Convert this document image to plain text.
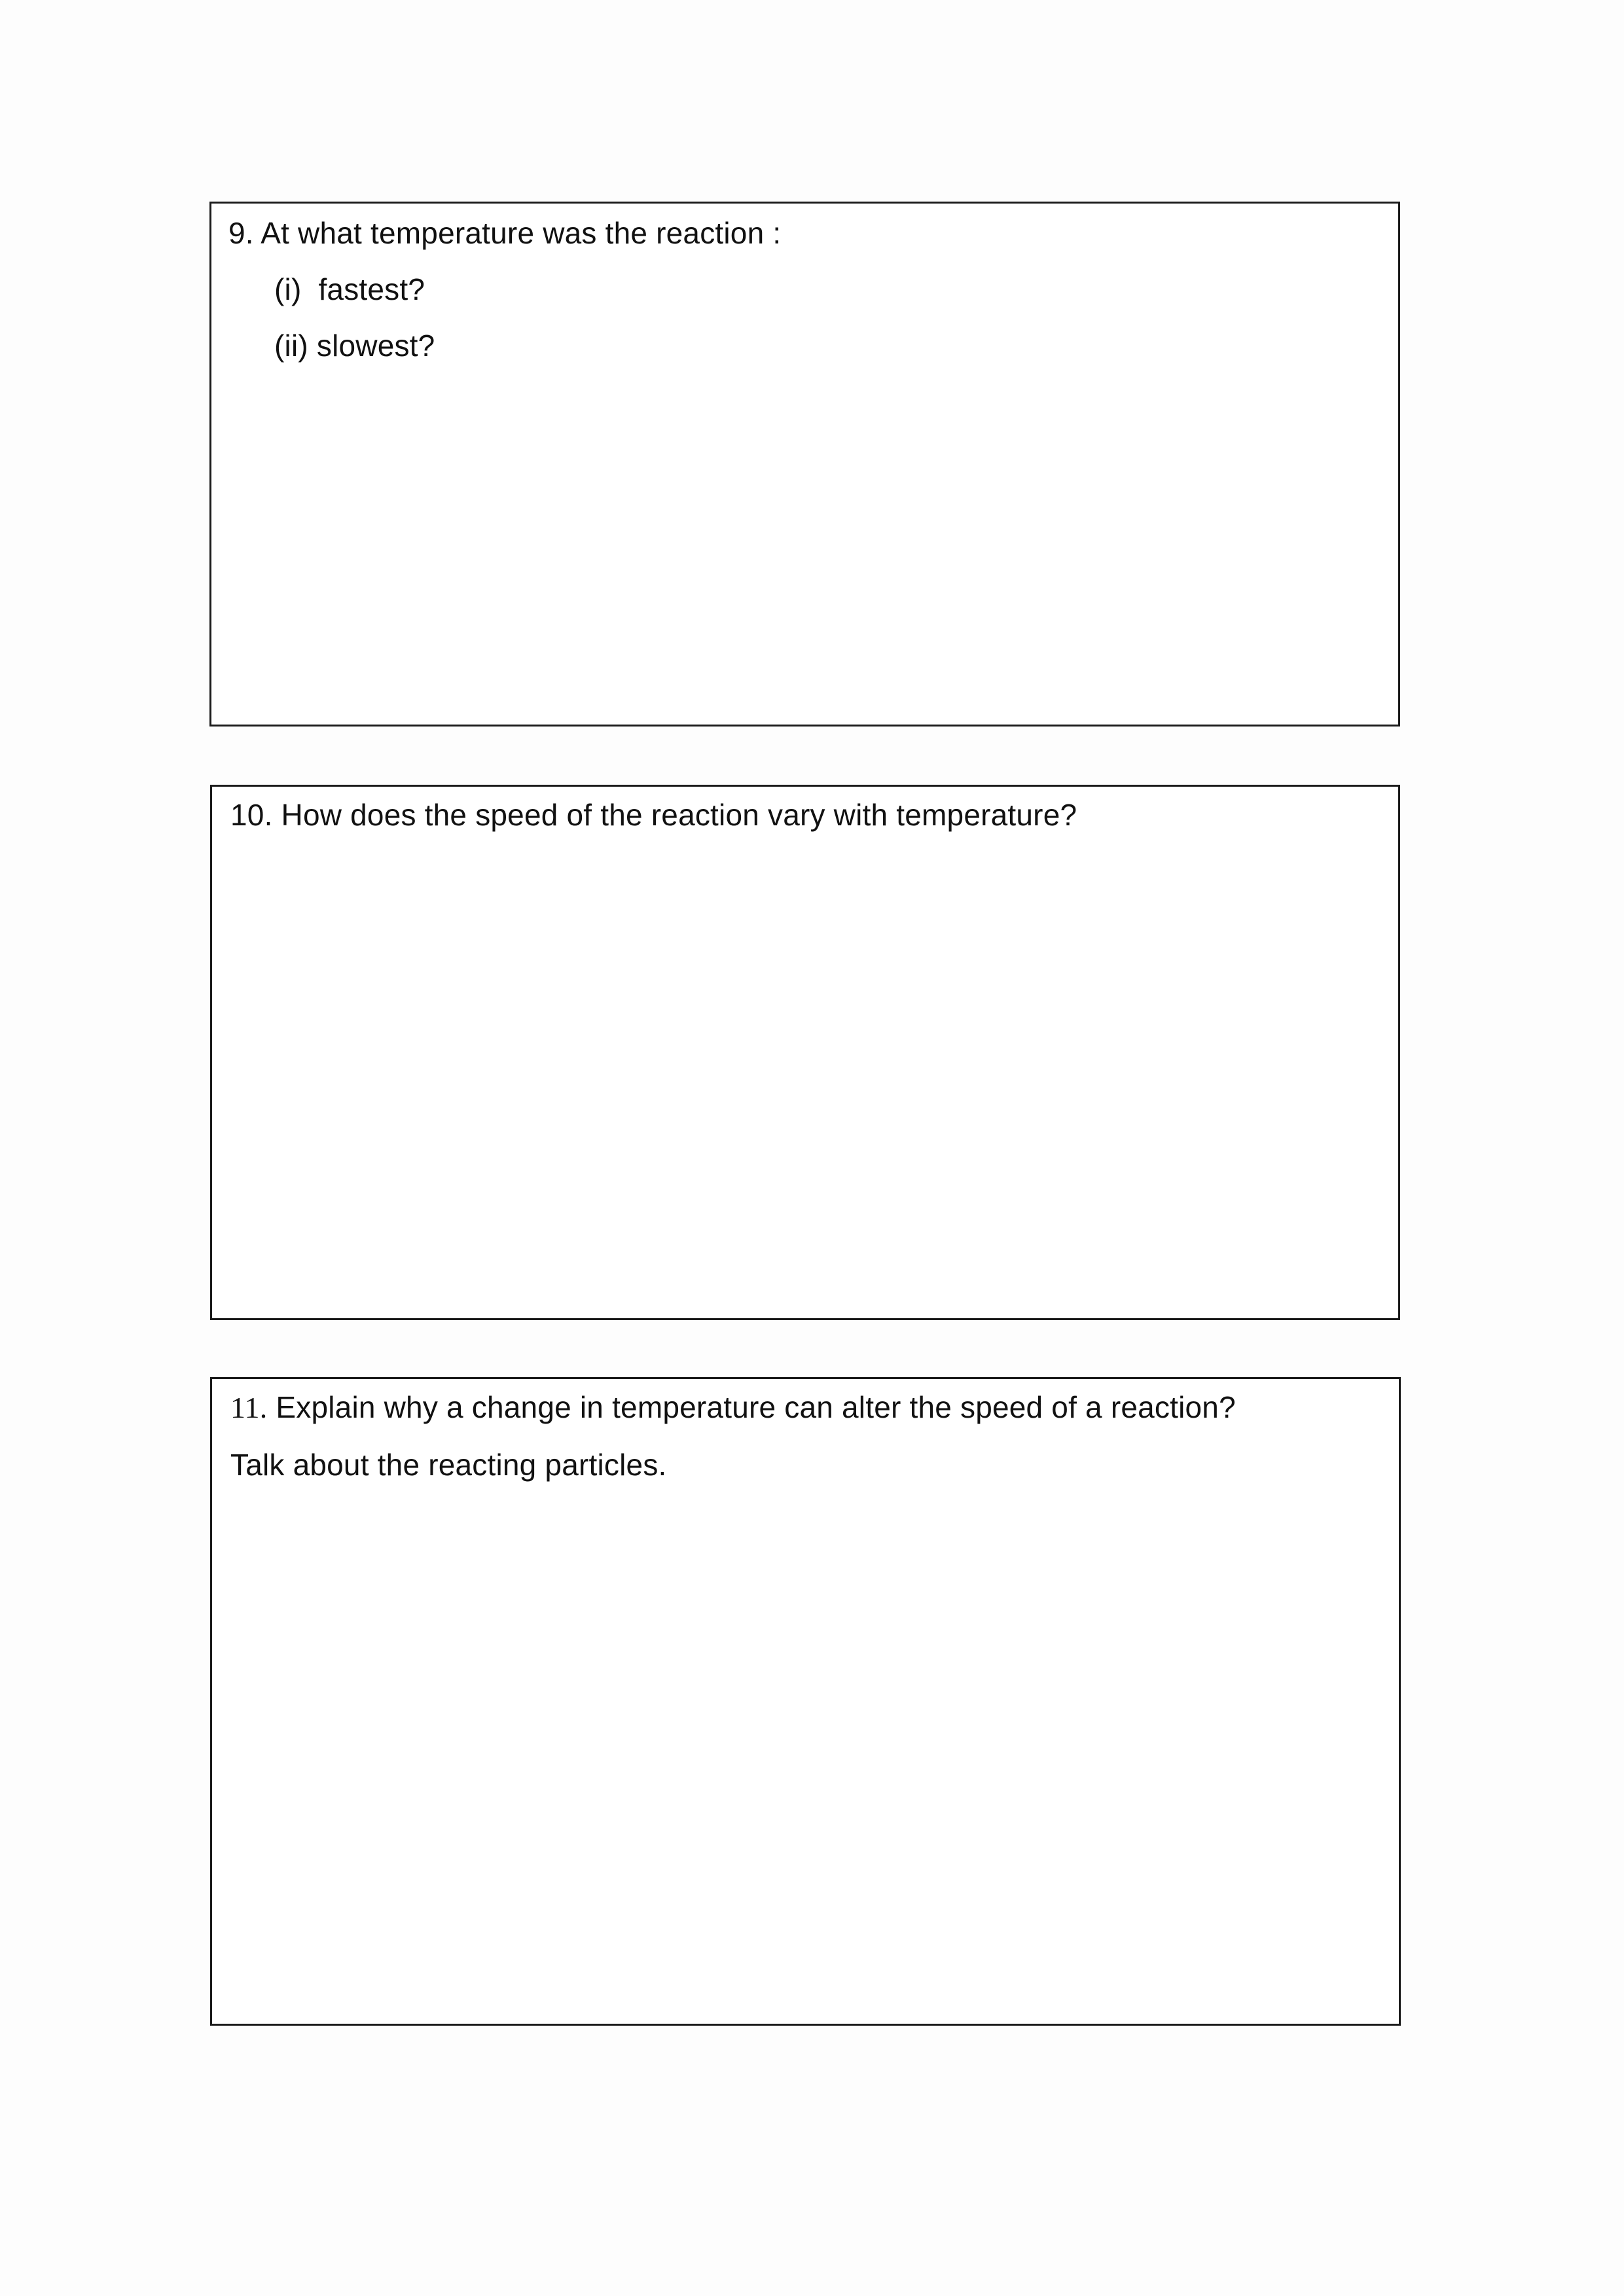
9. At what temperature was the reaction :
(i) fastest?
(ii) slowest?
10. How does the speed of the reaction vary with temperature?
11. Explain why a change in temperature can alter the speed of a reaction?
Talk about the reacting particles.
